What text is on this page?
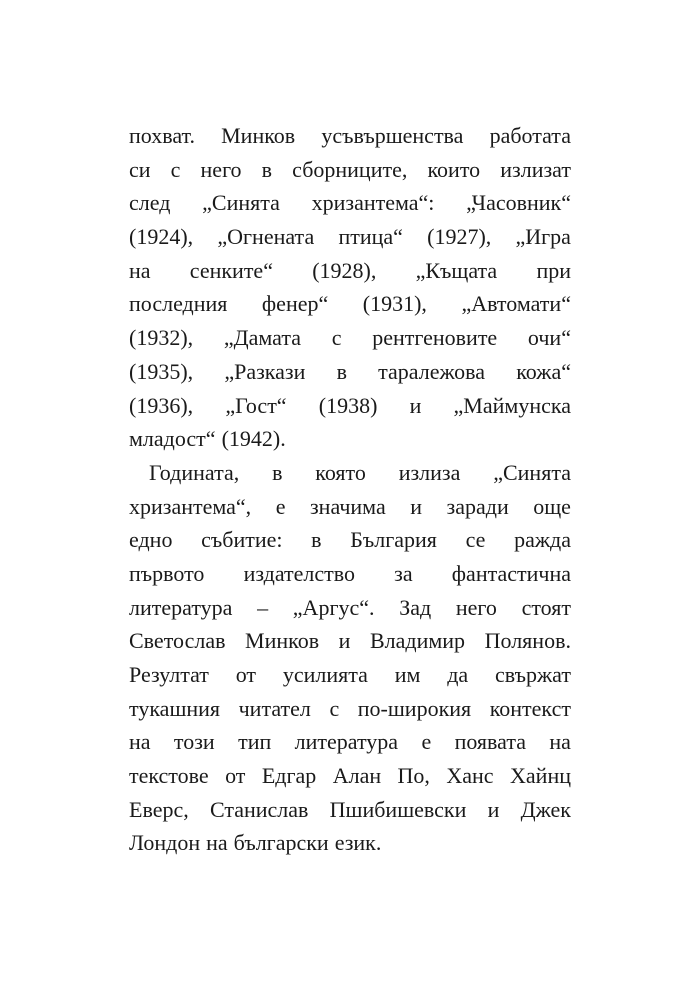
похват. Минков усъвършенства работата
си с него в сборниците, които излизат
след „Синята хризантема“: „Часовник“
(1924), „Огнената птица“ (1927), „Игра
на сенките“ (1928), „Къщата при
последния фенер“ (1931), „Автомати“
(1932), „Дамата с рентгеновите очи“
(1935), „Разкази в таралежова кожа“
(1936), „Гост“ (1938) и „Маймунска
младост“ (1942).
Годината, в която излиза „Синята
хризантема“, е значима и заради още
едно събитие: в България се ражда
първото издателство за фантастична
литература – „Аргус“. Зад него стоят
Светослав Минков и Владимир Полянов.
Резултат от усилията им да свържат
тукашния читател с по-широкия контекст
на този тип литература е появата на
текстове от Едгар Алан По, Ханс Хайнц
Еверс, Станислав Пшибишевски и Джек
Лондон на български език.
